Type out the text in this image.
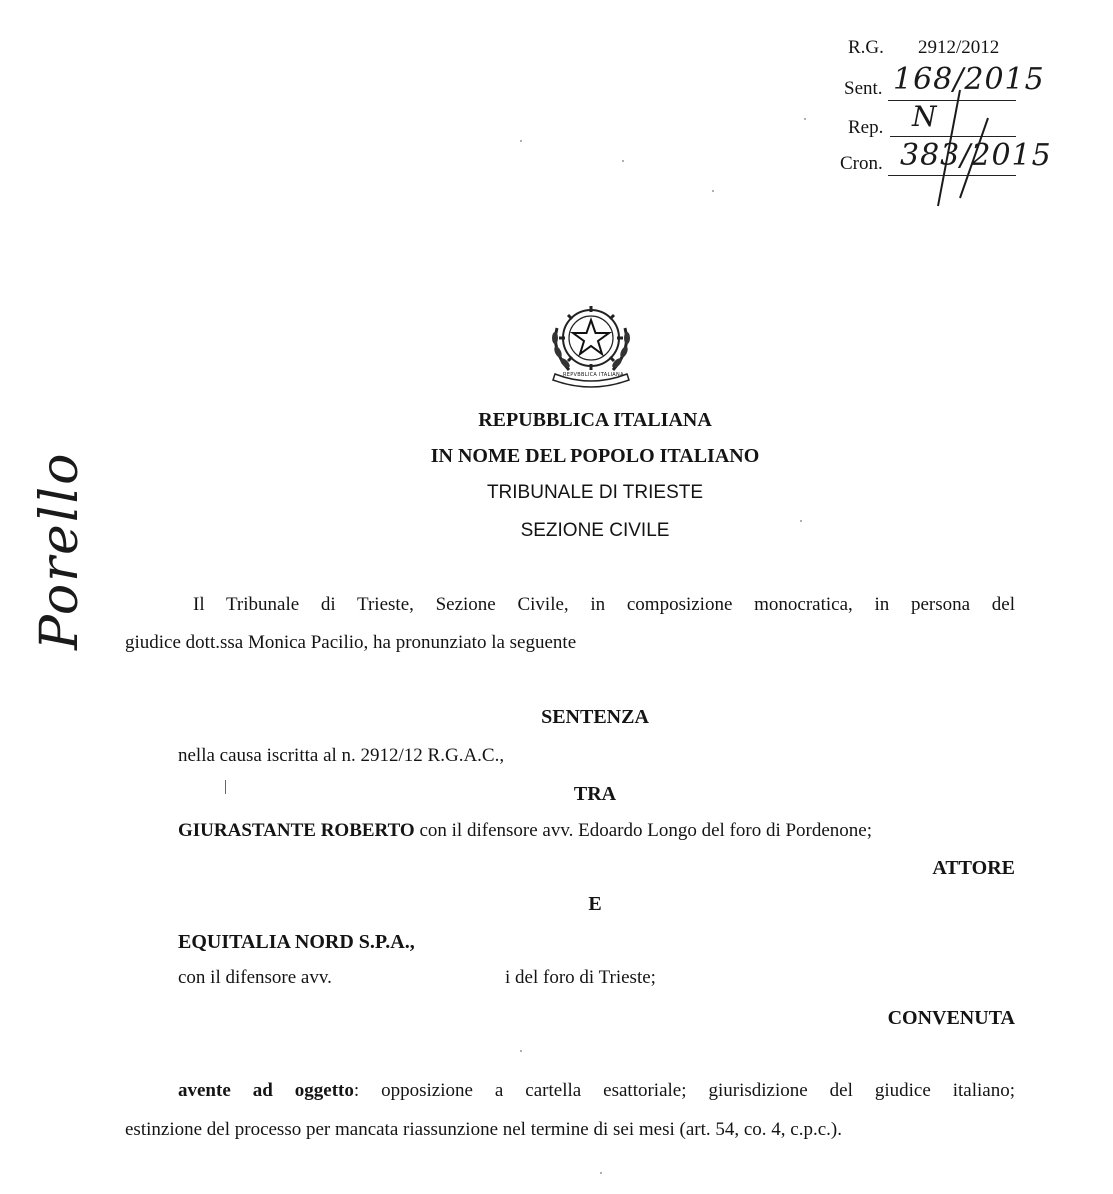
R.G. 2912/2012
Sent. 168/2015
Rep. N
Cron. 383/2015
REPVBBLICA ITALIANA
Porello
REPUBBLICA ITALIANA
IN NOME DEL POPOLO ITALIANO
TRIBUNALE DI TRIESTE
SEZIONE CIVILE
Il Tribunale di Trieste, Sezione Civile, in composizione monocratica, in persona del
giudice dott.ssa Monica Pacilio, ha pronunziato la seguente
SENTENZA
nella causa iscritta al n. 2912/12 R.G.A.C.,
TRA
GIURASTANTE ROBERTO con il difensore avv. Edoardo Longo del foro di Pordenone;
ATTORE
E
EQUITALIA NORD S.P.A.,
con il difensore avv.	i del foro di Trieste;
CONVENUTA
avente ad oggetto: opposizione a cartella esattoriale; giurisdizione del giudice italiano;
estinzione del processo per mancata riassunzione nel termine di sei mesi (art. 54, co. 4, c.p.c.).
